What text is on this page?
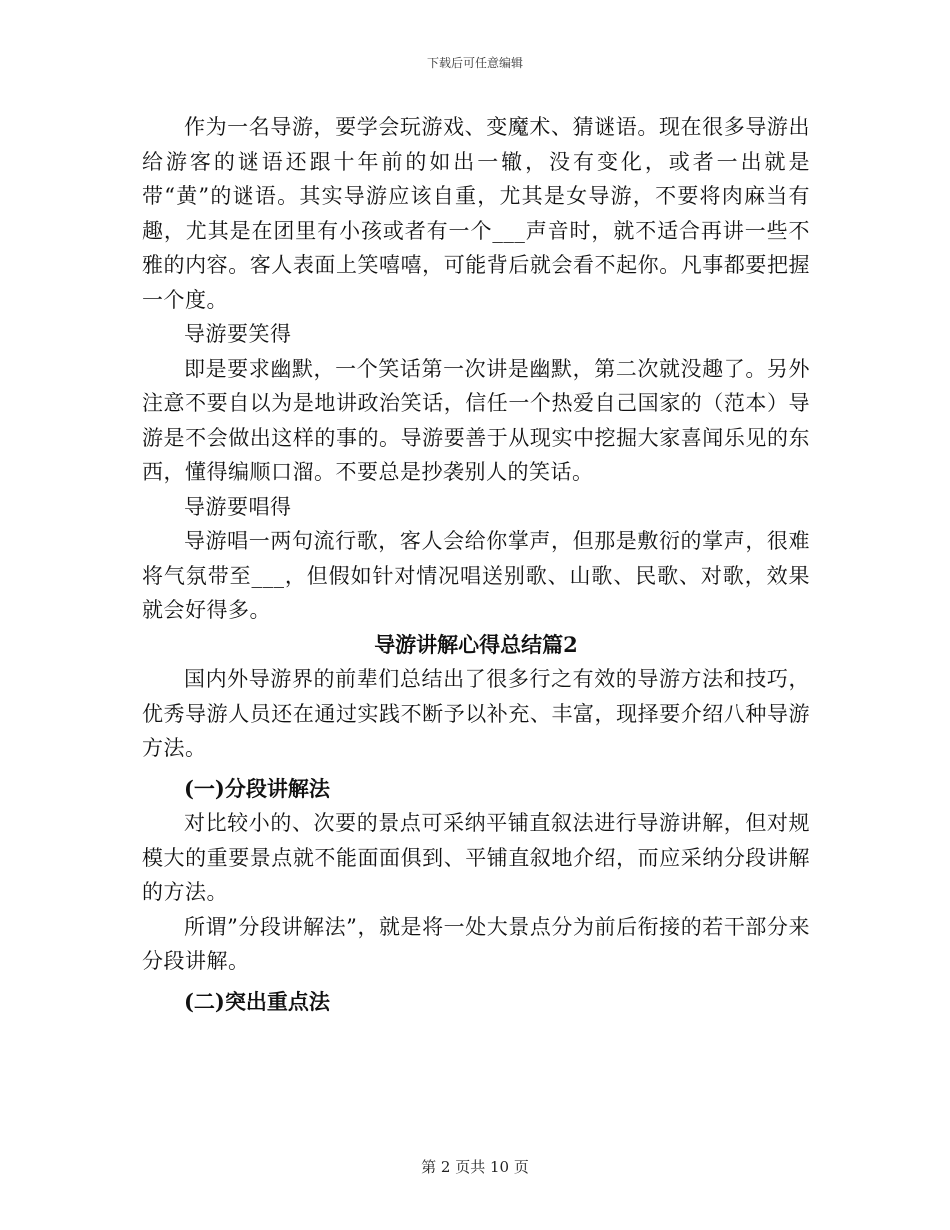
下载后可任意编辑

作为一名导游，要学会玩游戏、变魔术、猜谜语。现在很多导游出给游客的谜语还跟十年前的如出一辙，没有变化，或者一出就是带“黄”的谜语。其实导游应该自重，尤其是女导游，不要将肉麻当有趣，尤其是在团里有小孩或者有一个___声音时，就不适合再讲一些不雅的内容。客人表面上笑嘻嘻，可能背后就会看不起你。凡事都要把握一个度。

导游要笑得

即是要求幽默，一个笑话第一次讲是幽默，第二次就没趣了。另外注意不要自以为是地讲政治笑话，信任一个热爱自己国家的（范本）导游是不会做出这样的事的。导游要善于从现实中挖掘大家喜闻乐见的东西，懂得编顺口溜。不要总是抄袭别人的笑话。

导游要唱得

导游唱一两句流行歌，客人会给你掌声，但那是敷衍的掌声，很难将气氛带至___，但假如针对情况唱送别歌、山歌、民歌、对歌，效果就会好得多。

导游讲解心得总结篇2

国内外导游界的前辈们总结出了很多行之有效的导游方法和技巧，优秀导游人员还在通过实践不断予以补充、丰富，现择要介绍八种导游方法。

(一)分段讲解法

对比较小的、次要的景点可采纳平铺直叙法进行导游讲解，但对规模大的重要景点就不能面面俱到、平铺直叙地介绍，而应采纳分段讲解的方法。

所谓”分段讲解法”，就是将一处大景点分为前后衔接的若干部分来分段讲解。

(二)突出重点法

第 2 页共 10 页
